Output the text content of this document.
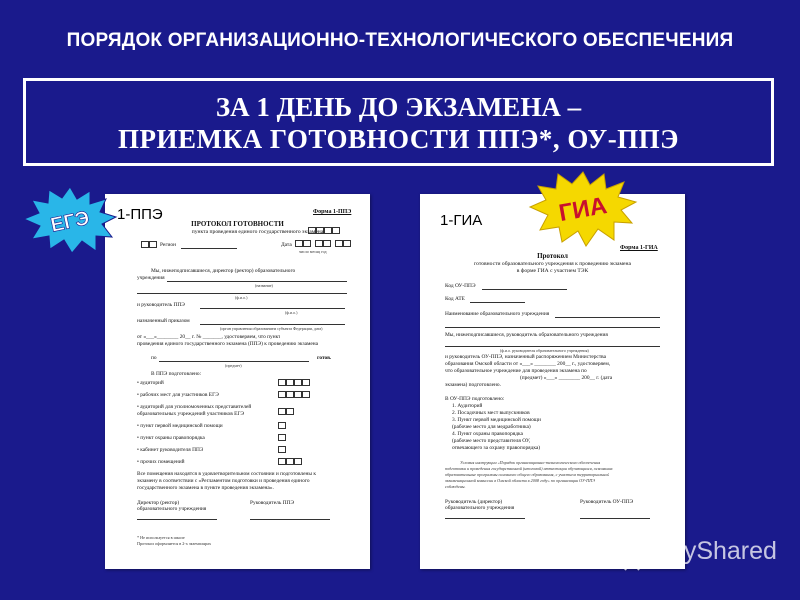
ПОРЯДОК ОРГАНИЗАЦИОННО-ТЕХНОЛОГИЧЕСКОГО ОБЕСПЕЧЕНИЯ
ЗА 1 ДЕНЬ ДО ЭКЗАМЕНА –
ПРИЕМКА ГОТОВНОСТИ ППЭ*, ОУ-ППЭ
1-ППЭ	Форма 1-ППЭ
ПРОТОКОЛ ГОТОВНОСТИ
пункта проведения единого государственного экзамена
Регион	Дата
число месяц год
Мы, нижеподписавшиеся, директор (ректор) образовательного
учреждения
(название)
(ф.и.о.)
и руководитель ППЭ
(ф.и.о.)
назначенный приказом
(орган управления образованием субъекта Федерации, дата)
от «___»________ 20__ г. № _______, удостоверяем, что пункт
проведения единого государственного экзамена (ППЭ) к проведению экзамена
по	готов.
(предмет)
В ППЭ подготовлено:
• аудиторий
• рабочих мест для участников ЕГЭ
• аудиторий для уполномоченных представителей
образовательных учреждений участников ЕГЭ
• пункт первой медицинской помощи
• пункт охраны правопорядка
• кабинет руководителя ППЭ
• прочих помещений
Все помещения находятся в удовлетворительном состоянии и подготовлены к
экзамену в соответствии с «Регламентом подготовки и проведения единого
государственного экзамена в пункте проведения экзамена».
Директор (ректор)
образовательного учреждения
Руководитель ППЭ
* Не используется в школе
Протокол оформляется в 2-х экземплярах
1-ГИА
Форма 1-ГИА
Протокол
готовности образовательного учреждения к проведению экзамена
в форме ГИА с участием ТЭК
Код ОУ-ППЭ
Код АТЕ
Наименование образовательного учреждения
Мы, нижеподписавшиеся, руководитель образовательного учреждения
(ф.и.о. руководителя образовательного учреждения)
и руководитель ОУ-ППЭ, назначенный распоряжением Министерства
образования Омской области от «___» ________ 200__ г., удостоверяем,
что образовательное учреждение для проведения экзамена по
(предмет) «___» ________ 200__ г. (дата
экзамена) подготовлено.
В ОУ-ППЭ подготовлено:
1. Аудиторий
2. Посадочных мест выпускников
3. Пункт первой медицинской помощи
(рабочее место для медработника)
4. Пункт охраны правопорядка
(рабочее место представителя ОУ,
отвечающего за охрану правопорядка)
Условия инструкции «Порядок организационно-технологического обеспечения
подготовки и проведения государственной (итоговой) аттестации обучающихся, освоивших
образовательные программы основного общего образования, с участием территориальной
экзаменационной комиссии в Омской области в 2008 году» по организации ОУ-ППЭ
соблюдены.
Руководитель (директор)
образовательного учреждения
Руководитель ОУ-ППЭ
ЕГЭ	ГИА
MyShared
